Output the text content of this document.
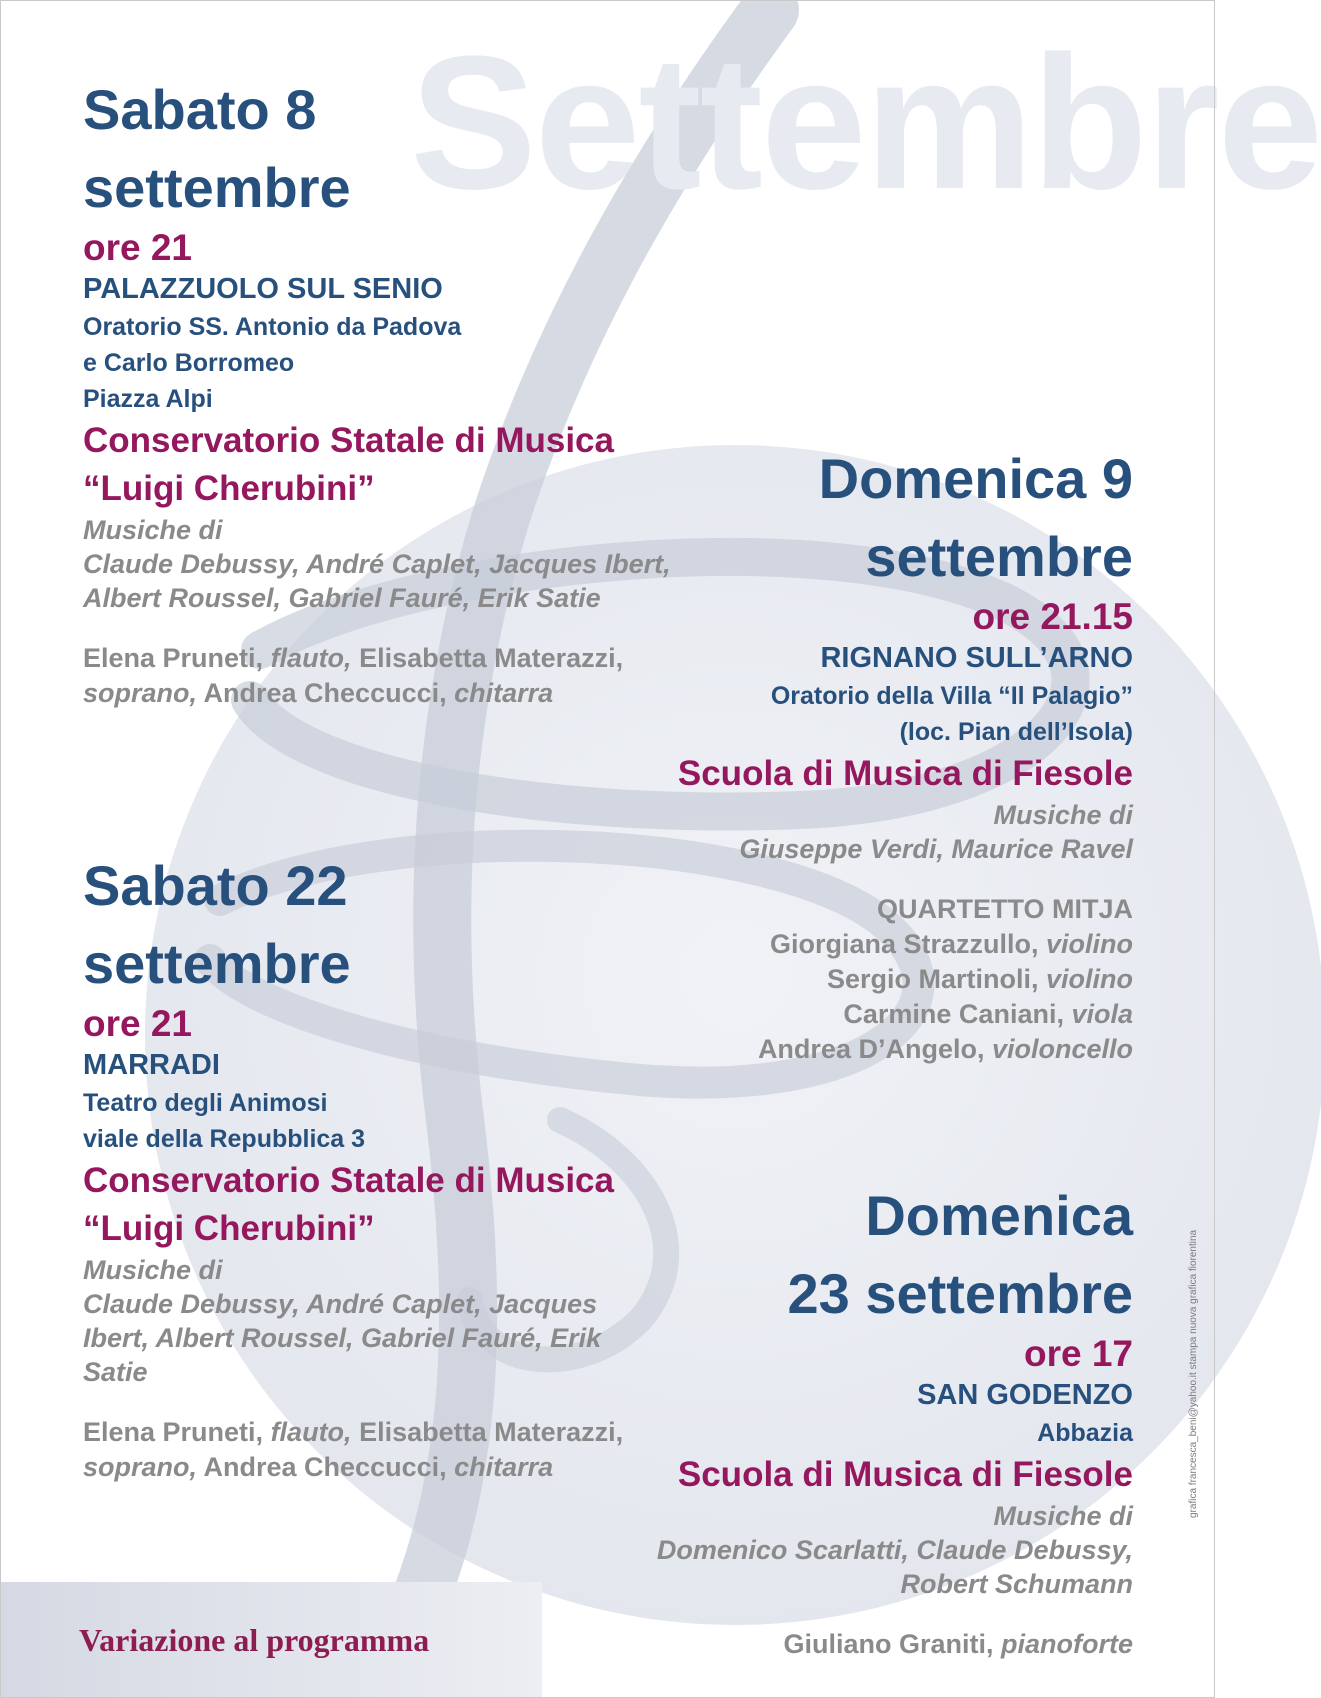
Settembre
Sabato 8
settembre
ore 21
PALAZZUOLO SUL SENIO
Oratorio SS. Antonio da Padova
e Carlo Borromeo
Piazza Alpi
Conservatorio Statale di Musica
“Luigi Cherubini”
Musiche di
Claude Debussy, André Caplet, Jacques Ibert,
Albert Roussel, Gabriel Fauré, Erik Satie
Elena Pruneti, flauto, Elisabetta Materazzi,
soprano, Andrea Checcucci, chitarra
Domenica 9
settembre
ore 21.15
RIGNANO SULL’ARNO
Oratorio della Villa “Il Palagio”
(loc. Pian dell’Isola)
Scuola di Musica di Fiesole
Musiche di
Giuseppe Verdi, Maurice Ravel
QUARTETTO MITJA
Giorgiana Strazzullo, violino
Sergio Martinoli, violino
Carmine Caniani, viola
Andrea D’Angelo, violoncello
Sabato 22
settembre
ore 21
MARRADI
Teatro degli Animosi
viale della Repubblica 3
Conservatorio Statale di Musica
“Luigi Cherubini”
Musiche di
Claude Debussy, André Caplet, Jacques
Ibert, Albert Roussel, Gabriel Fauré, Erik
Satie
Elena Pruneti, flauto, Elisabetta Materazzi,
soprano, Andrea Checcucci, chitarra
Domenica
23 settembre
ore 17
SAN GODENZO
Abbazia
Scuola di Musica di Fiesole
Musiche di
Domenico Scarlatti, Claude Debussy,
Robert Schumann
Giuliano Graniti, pianoforte
Variazione al programma
grafica francesca_beni@yahoo.it stampa nuova grafica fiorentina
